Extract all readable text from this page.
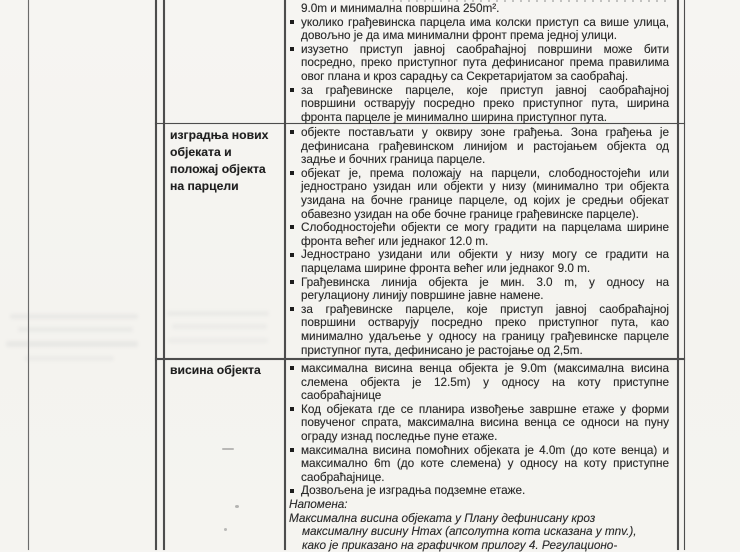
9.0m и минимална површина 250m².
уколико грађевинска парцела има колски приступ са више улица,
довољно је да има минимални фронт према једној улици.
изузетно приступ јавној саобраћајној површини може бити
посредно, преко приступног пута дефинисаног према правилима
овог плана и кроз сарадњу са Секретаријатом за саобраћај.
за грађевинске парцеле, које приступ јавној саобраћајној
површини остварују посредно преко приступног пута, ширина
фронта парцеле је минимално ширина приступног пута.
изградња нових
објеката и
положај објекта
на парцели
објекте постављати у оквиру зоне грађења. Зона грађења је
дефинисана грађевинском линијом и растојањем објекта од
задње и бочних граница парцеле.
објекат је, према положају на парцели, слободностојећи или
једнострано узидан или објекти у низу (минимално три објекта
узидана на бочне границе парцеле, од којих је средњи објекат
обавезно узидан на обе бочне границе грађевинске парцеле).
Слободностојећи објекти се могу градити на парцелама ширине
фронта већег или једнаког 12.0 m.
Једнострано узидани или објекти у низу могу се градити на
парцелама ширине фронта већег или једнаког 9.0 m.
Грађевинска линија објекта је мин. 3.0 m, у односу на
регулациону линију површине јавне намене.
за грађевинске парцеле, које приступ јавној саобраћајној
површини остварују посредно преко приступног пута, као
минимално удаљење у односу на границу грађевинске парцеле
приступног пута, дефинисано је растојање од 2,5m.
висина објекта	максимална висина венца објекта је 9.0m (максимална висина
слемена објекта је 12.5m) у односу на коту приступне
саобраћајнице
Код објеката где се планира извођење завршне етаже у форми
повученог спрата, максимална висина венца се односи на пуну
ограду изнад последње пуне етаже.
максимална висина помоћних објеката је 4.0m (до коте венца) и
максимално 6m (до коте слемена) у односу на коту приступне
саобраћајнице.
Дозвољена је изградња подземне етаже.
Напомена:
Максимална висина објеката у Плану дефинисану кроз
максималну висину Hmax (апсолутна кота исказана у mnv.),
како је приказано на графичком прилогу 4. Регулационо-
